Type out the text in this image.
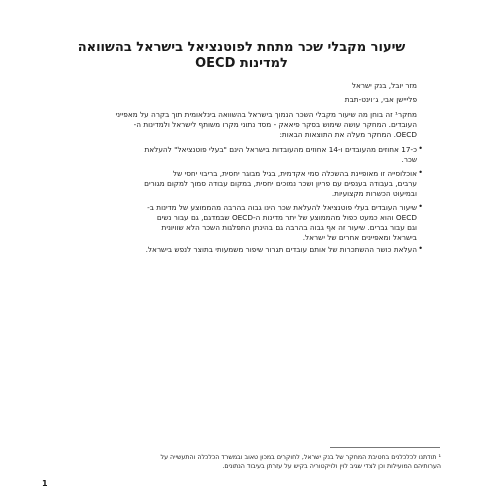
שיעור מקבלי שכר מתחת לפוטנציאל בישראל בהשוואה
למדינות OECD
מזר יובל, בנק ישראל
פלייישן אבי, ג׳וינט-תבת
מחקר¹ זה בוחן מה שיעור מקבלי השכר הנמוך בישראל בהשוואה בינלאומית תוך בקרה על מאפייני
העובדים. המחקר עושה שימוש בסקר פיאאק - מסד נתוני מקרו משותף לישראל ולמדינות ה-
OECD. המחקר מעלה את התוצאות הבאות:
•
כ-17 אחוזים מהעובדים ו-14 אחוזים מהעובדות בישראל הינם "בעלי פוטנציאל" להעלאת
שכר.
•
אוכלוסייה זו מאופיינת בהשכלה סמי אקדמית, בגיל מבוגר יחסית, בריבוי יחסי של
ערבים, בעבודה בענפים עם פריון ושכר נמוכים יחסית, במקום עבודה סמוך למקום מגורים
ובמיעוט הכשרות מקצועיות.
•
שיעור העובדים בעלי פוטנציאל להעלאת שכר הינו גבוה בהרבה מהממוצע של מדינות ב-
OECD והוא כמעט כפול מהממוצע של יתר מדינות ה-OECD שבמדגם, גם עבור נשים
וגם עבור גברים. שיעור זה אף גבוה בהרבה גם בהינתן התפלגות השכר הלא שוויונית
בישראל ומאפיינים אחרים של ישראל.
•
העלאת כושר ההשתכרות של אותם עובדים תגרור שיפור משמעותי בתוצר לנפש בישראל.
¹ תודתנו לכלכלנים בחטיבת המחקר של בנק ישראל, לחוקרים במכון טאוב ובמשרד הכלכלה והתעשייה על
הערותיהם המועילות וכן לצדי שגיב לוין ולויקטוריה בקיש על עזרתן בעיבוד הנתונים.
1
